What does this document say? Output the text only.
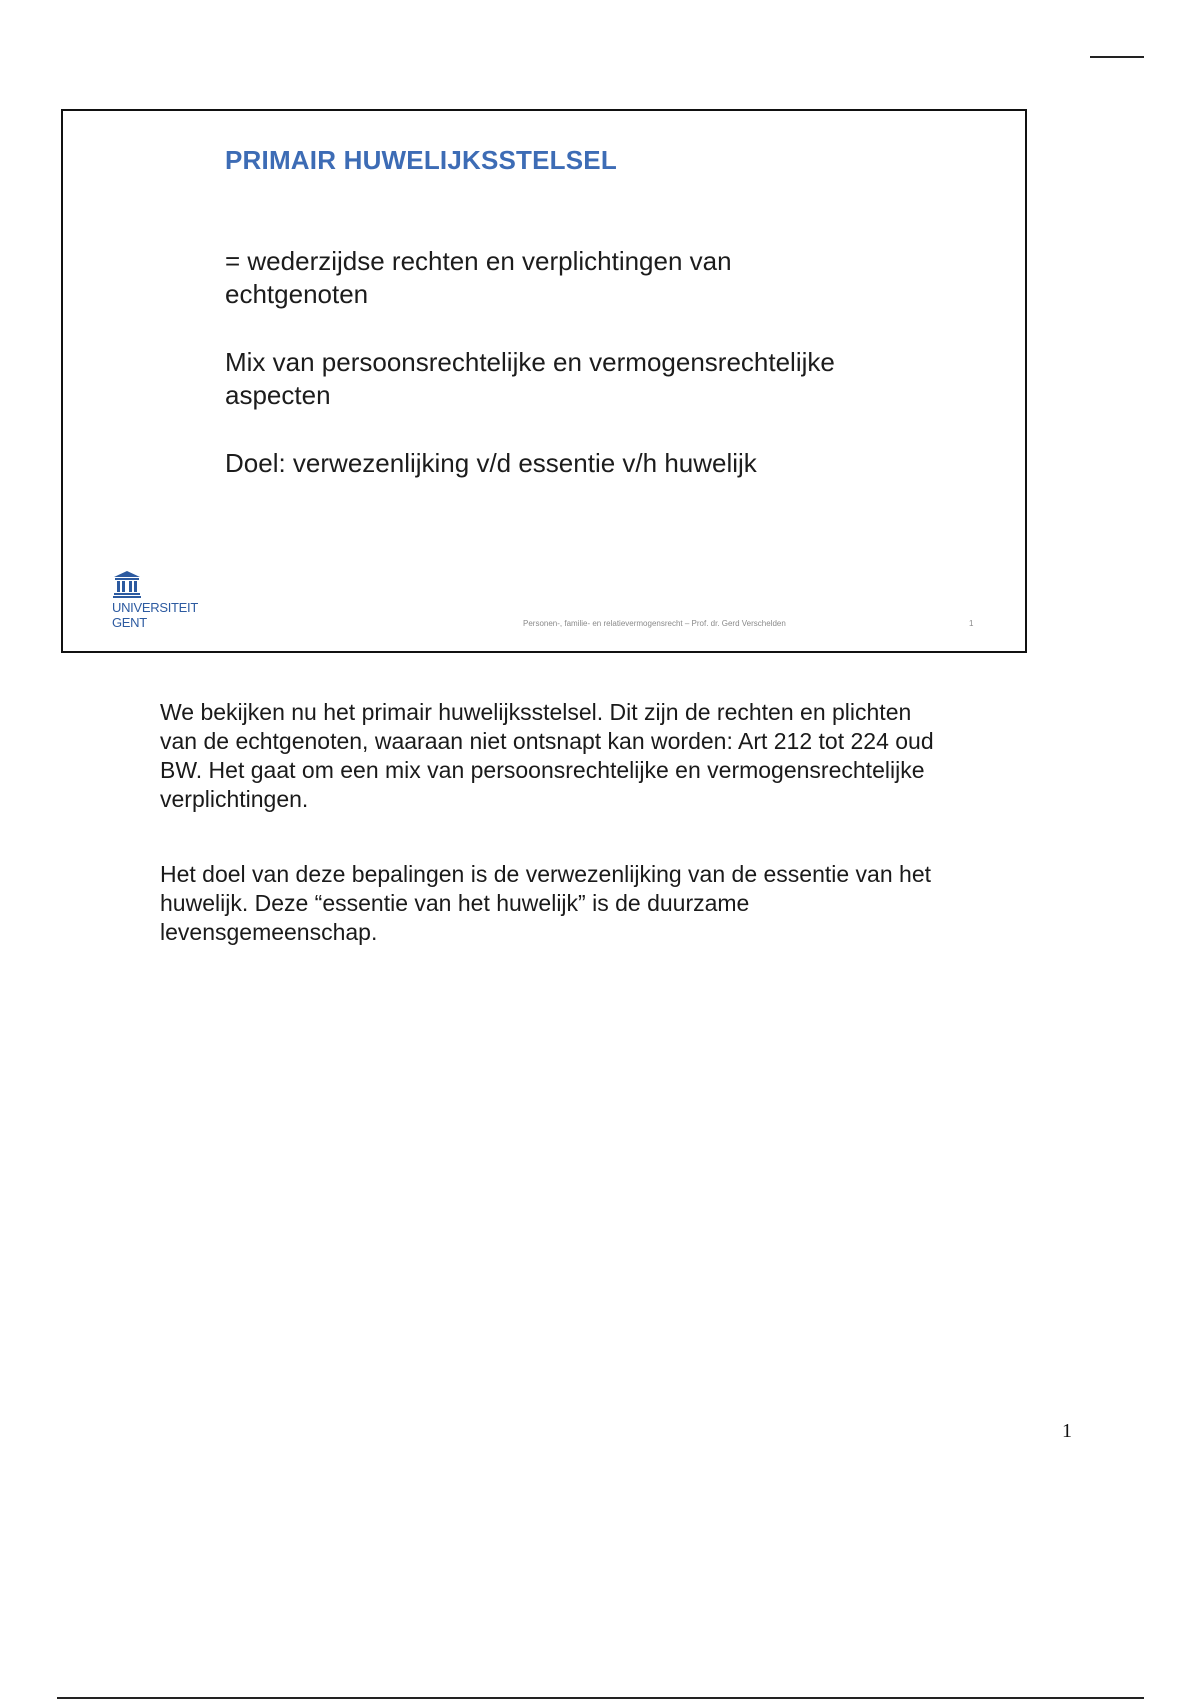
PRIMAIR HUWELIJKSSTELSEL

= wederzijdse rechten en verplichtingen van echtgenoten

Mix van persoonsrechtelijke en vermogensrechtelijke aspecten

Doel: verwezenlijking v/d essentie v/h huwelijk

UNIVERSITEIT
GENT	Personen-, familie- en relatievermogensrecht – Prof. dr. Gerd Verschelden	1

We bekijken nu het primair huwelijksstelsel. Dit zijn de rechten en plichten van de echtgenoten, waaraan niet ontsnapt kan worden: Art 212 tot 224 oud BW. Het gaat om een mix van persoonsrechtelijke en vermogensrechtelijke verplichtingen.

Het doel van deze bepalingen is de verwezenlijking van de essentie van het huwelijk. Deze “essentie van het huwelijk” is de duurzame levensgemeenschap.

1
